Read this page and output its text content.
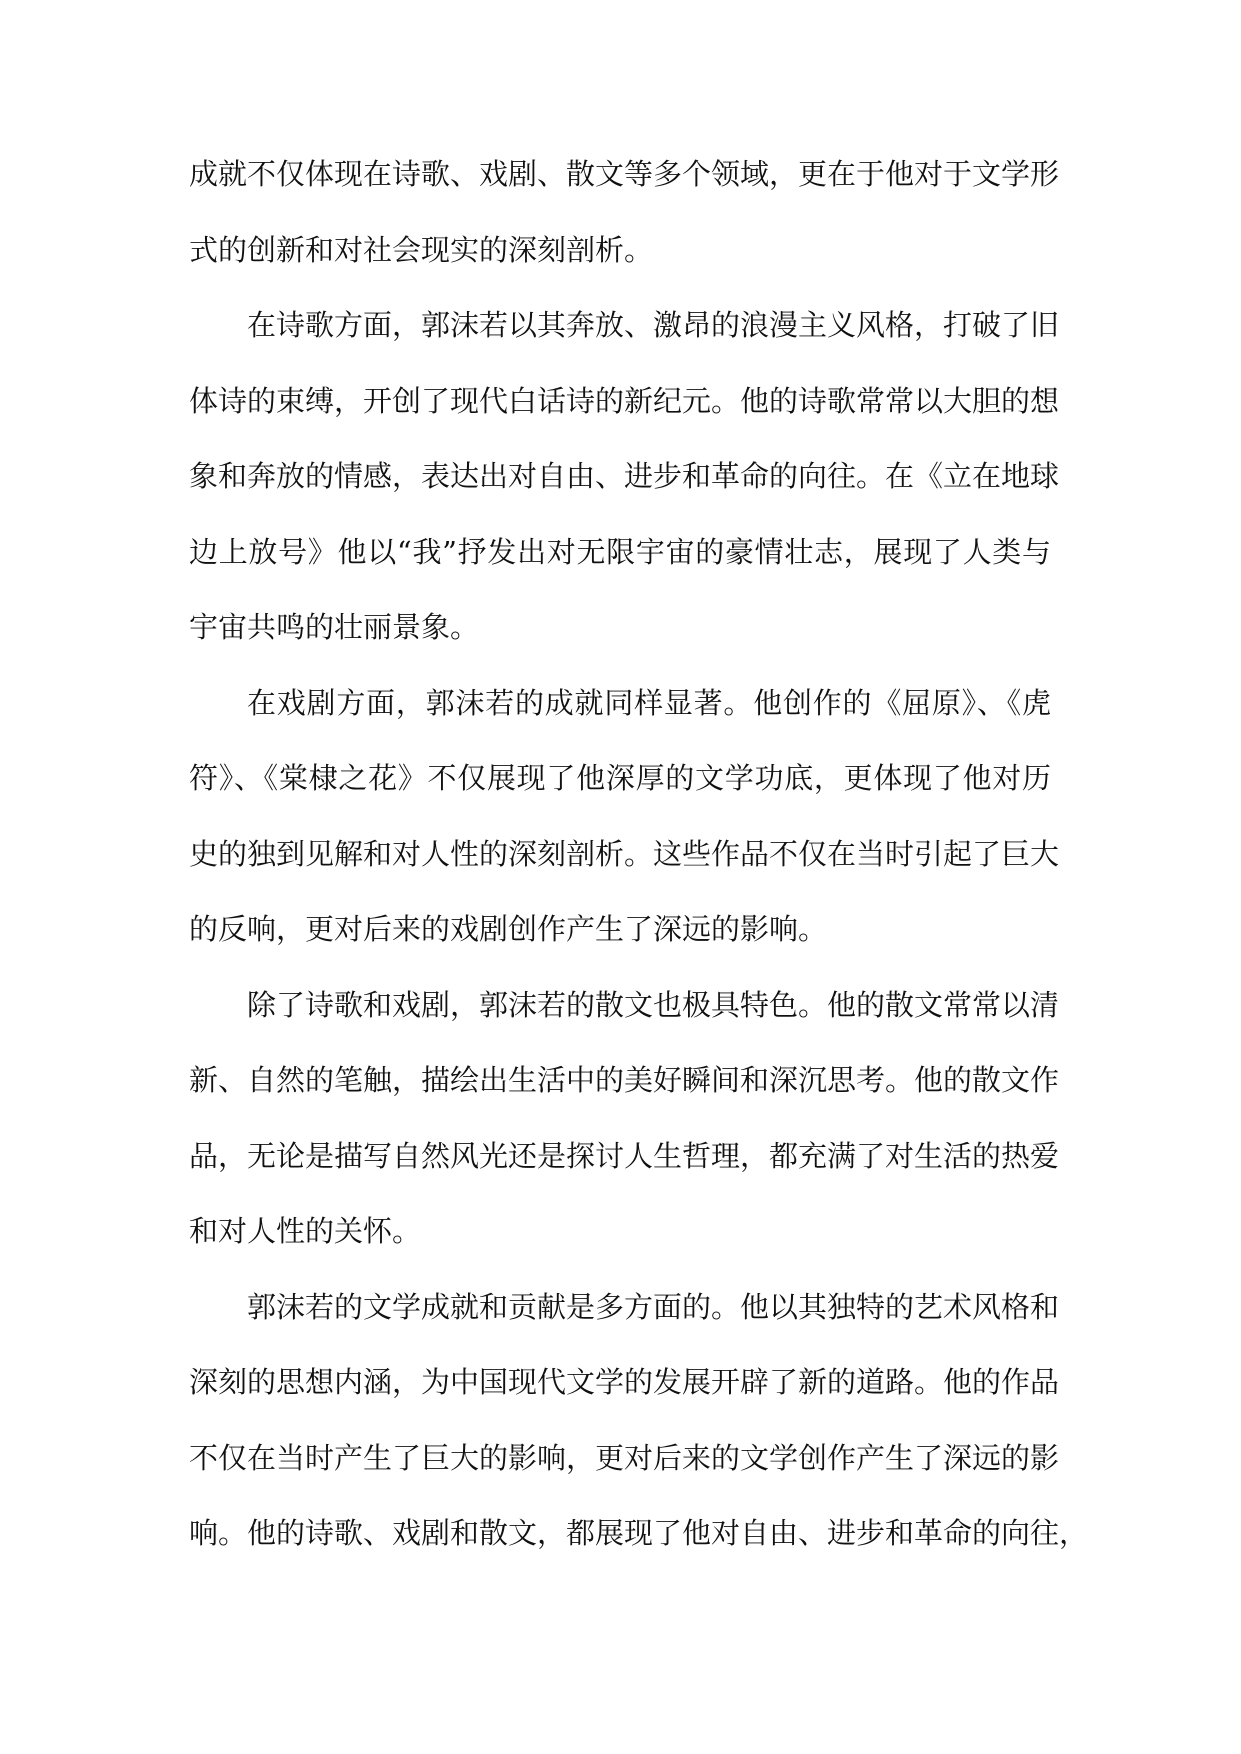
成就不仅体现在诗歌、戏剧、散文等多个领域，更在于他对于文学形
式的创新和对社会现实的深刻剖析。
在诗歌方面，郭沫若以其奔放、激昂的浪漫主义风格，打破了旧
体诗的束缚，开创了现代白话诗的新纪元。他的诗歌常常以大胆的想
象和奔放的情感，表达出对自由、进步和革命的向往。在《立在地球
边上放号》他以“我”抒发出对无限宇宙的豪情壮志，展现了人类与
宇宙共鸣的壮丽景象。
在戏剧方面，郭沫若的成就同样显著。他创作的《屈原》、《虎
符》、《棠棣之花》不仅展现了他深厚的文学功底，更体现了他对历
史的独到见解和对人性的深刻剖析。这些作品不仅在当时引起了巨大
的反响，更对后来的戏剧创作产生了深远的影响。
除了诗歌和戏剧，郭沫若的散文也极具特色。他的散文常常以清
新、自然的笔触，描绘出生活中的美好瞬间和深沉思考。他的散文作
品，无论是描写自然风光还是探讨人生哲理，都充满了对生活的热爱
和对人性的关怀。
郭沫若的文学成就和贡献是多方面的。他以其独特的艺术风格和
深刻的思想内涵，为中国现代文学的发展开辟了新的道路。他的作品
不仅在当时产生了巨大的影响，更对后来的文学创作产生了深远的影
响。他的诗歌、戏剧和散文，都展现了他对自由、进步和革命的向往，
